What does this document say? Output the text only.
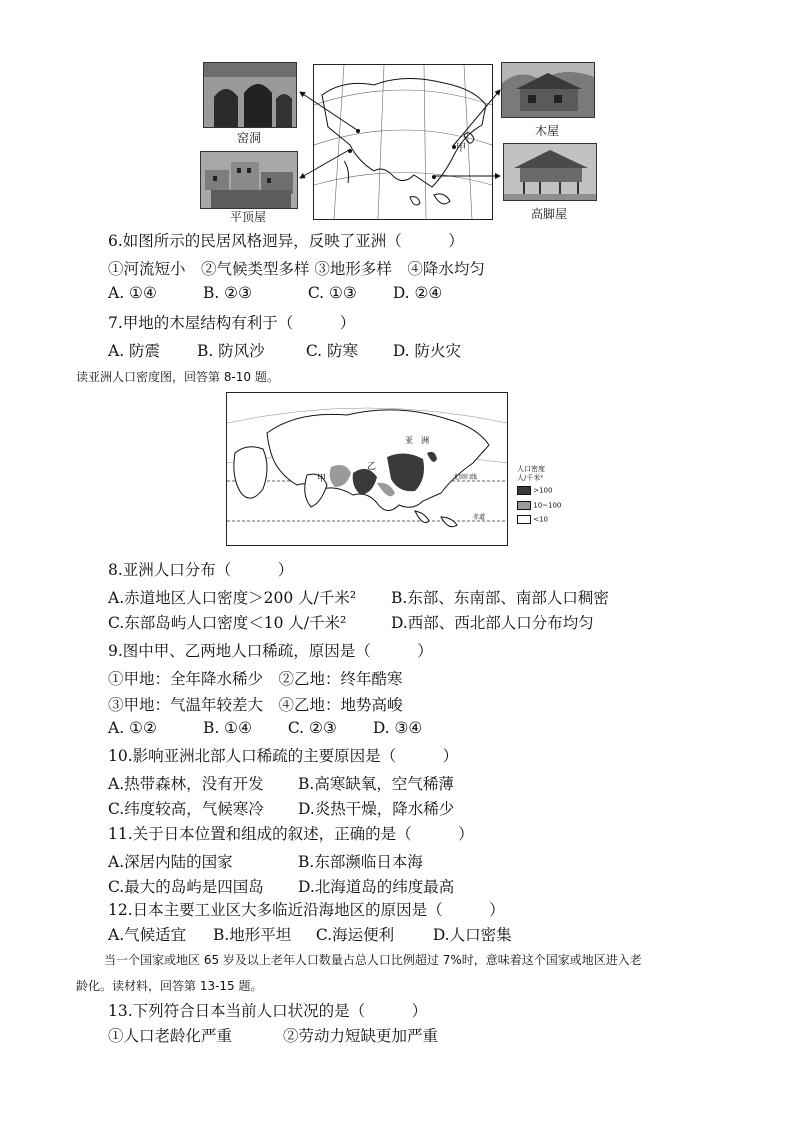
窑洞
平顶屋
甲
木屋
高脚屋
6.如图所示的民居风格迥异，反映了亚洲（　　　）
①河流短小　②气候类型多样 ③地形多样　④降水均匀
A. ①④	B. ②③	C. ①③ D. ②④
7.甲地的木屋结构有利于（　　　）
A. 防震 B. 防风沙	C. 防寒 D. 防火灾
读亚洲人口密度图，回答第 8-10 题。
亚　洲
甲
乙
北回归线
赤道
人口密度
人/千米²
>100
10~100
<10
8.亚洲人口分布（　　　）
A.赤道地区人口密度＞200 人/千米² B.东部、东南部、南部人口稠密
C.东部岛屿人口密度＜10 人/千米²	D.西部、西北部人口分布均匀
9.图中甲、乙两地人口稀疏，原因是（　　　）
①甲地：全年降水稀少　②乙地：终年酷寒
③甲地：气温年较差大　④乙地：地势高峻
A. ①②	B. ①④ C. ②③ D. ③④
10.影响亚洲北部人口稀疏的主要原因是（　　　）
A.热带森林，没有开发 B.高寒缺氧，空气稀薄
C.纬度较高，气候寒冷 D.炎热干燥，降水稀少
11.关于日本位置和组成的叙述，正确的是（　　　）
A.深居内陆的国家	B.东部濒临日本海
C.最大的岛屿是四国岛 D.北海道岛的纬度最高
12.日本主要工业区大多临近沿海地区的原因是（　　　）
A.气候适宜 B.地形平坦 C.海运便利 D.人口密集
当一个国家或地区 65 岁及以上老年人口数量占总人口比例超过 7%时，意味着这个国家或地区进入老
龄化。读材料，回答第 13-15 题。
13.下列符合日本当前人口状况的是（　　　）
①人口老龄化严重	②劳动力短缺更加严重
